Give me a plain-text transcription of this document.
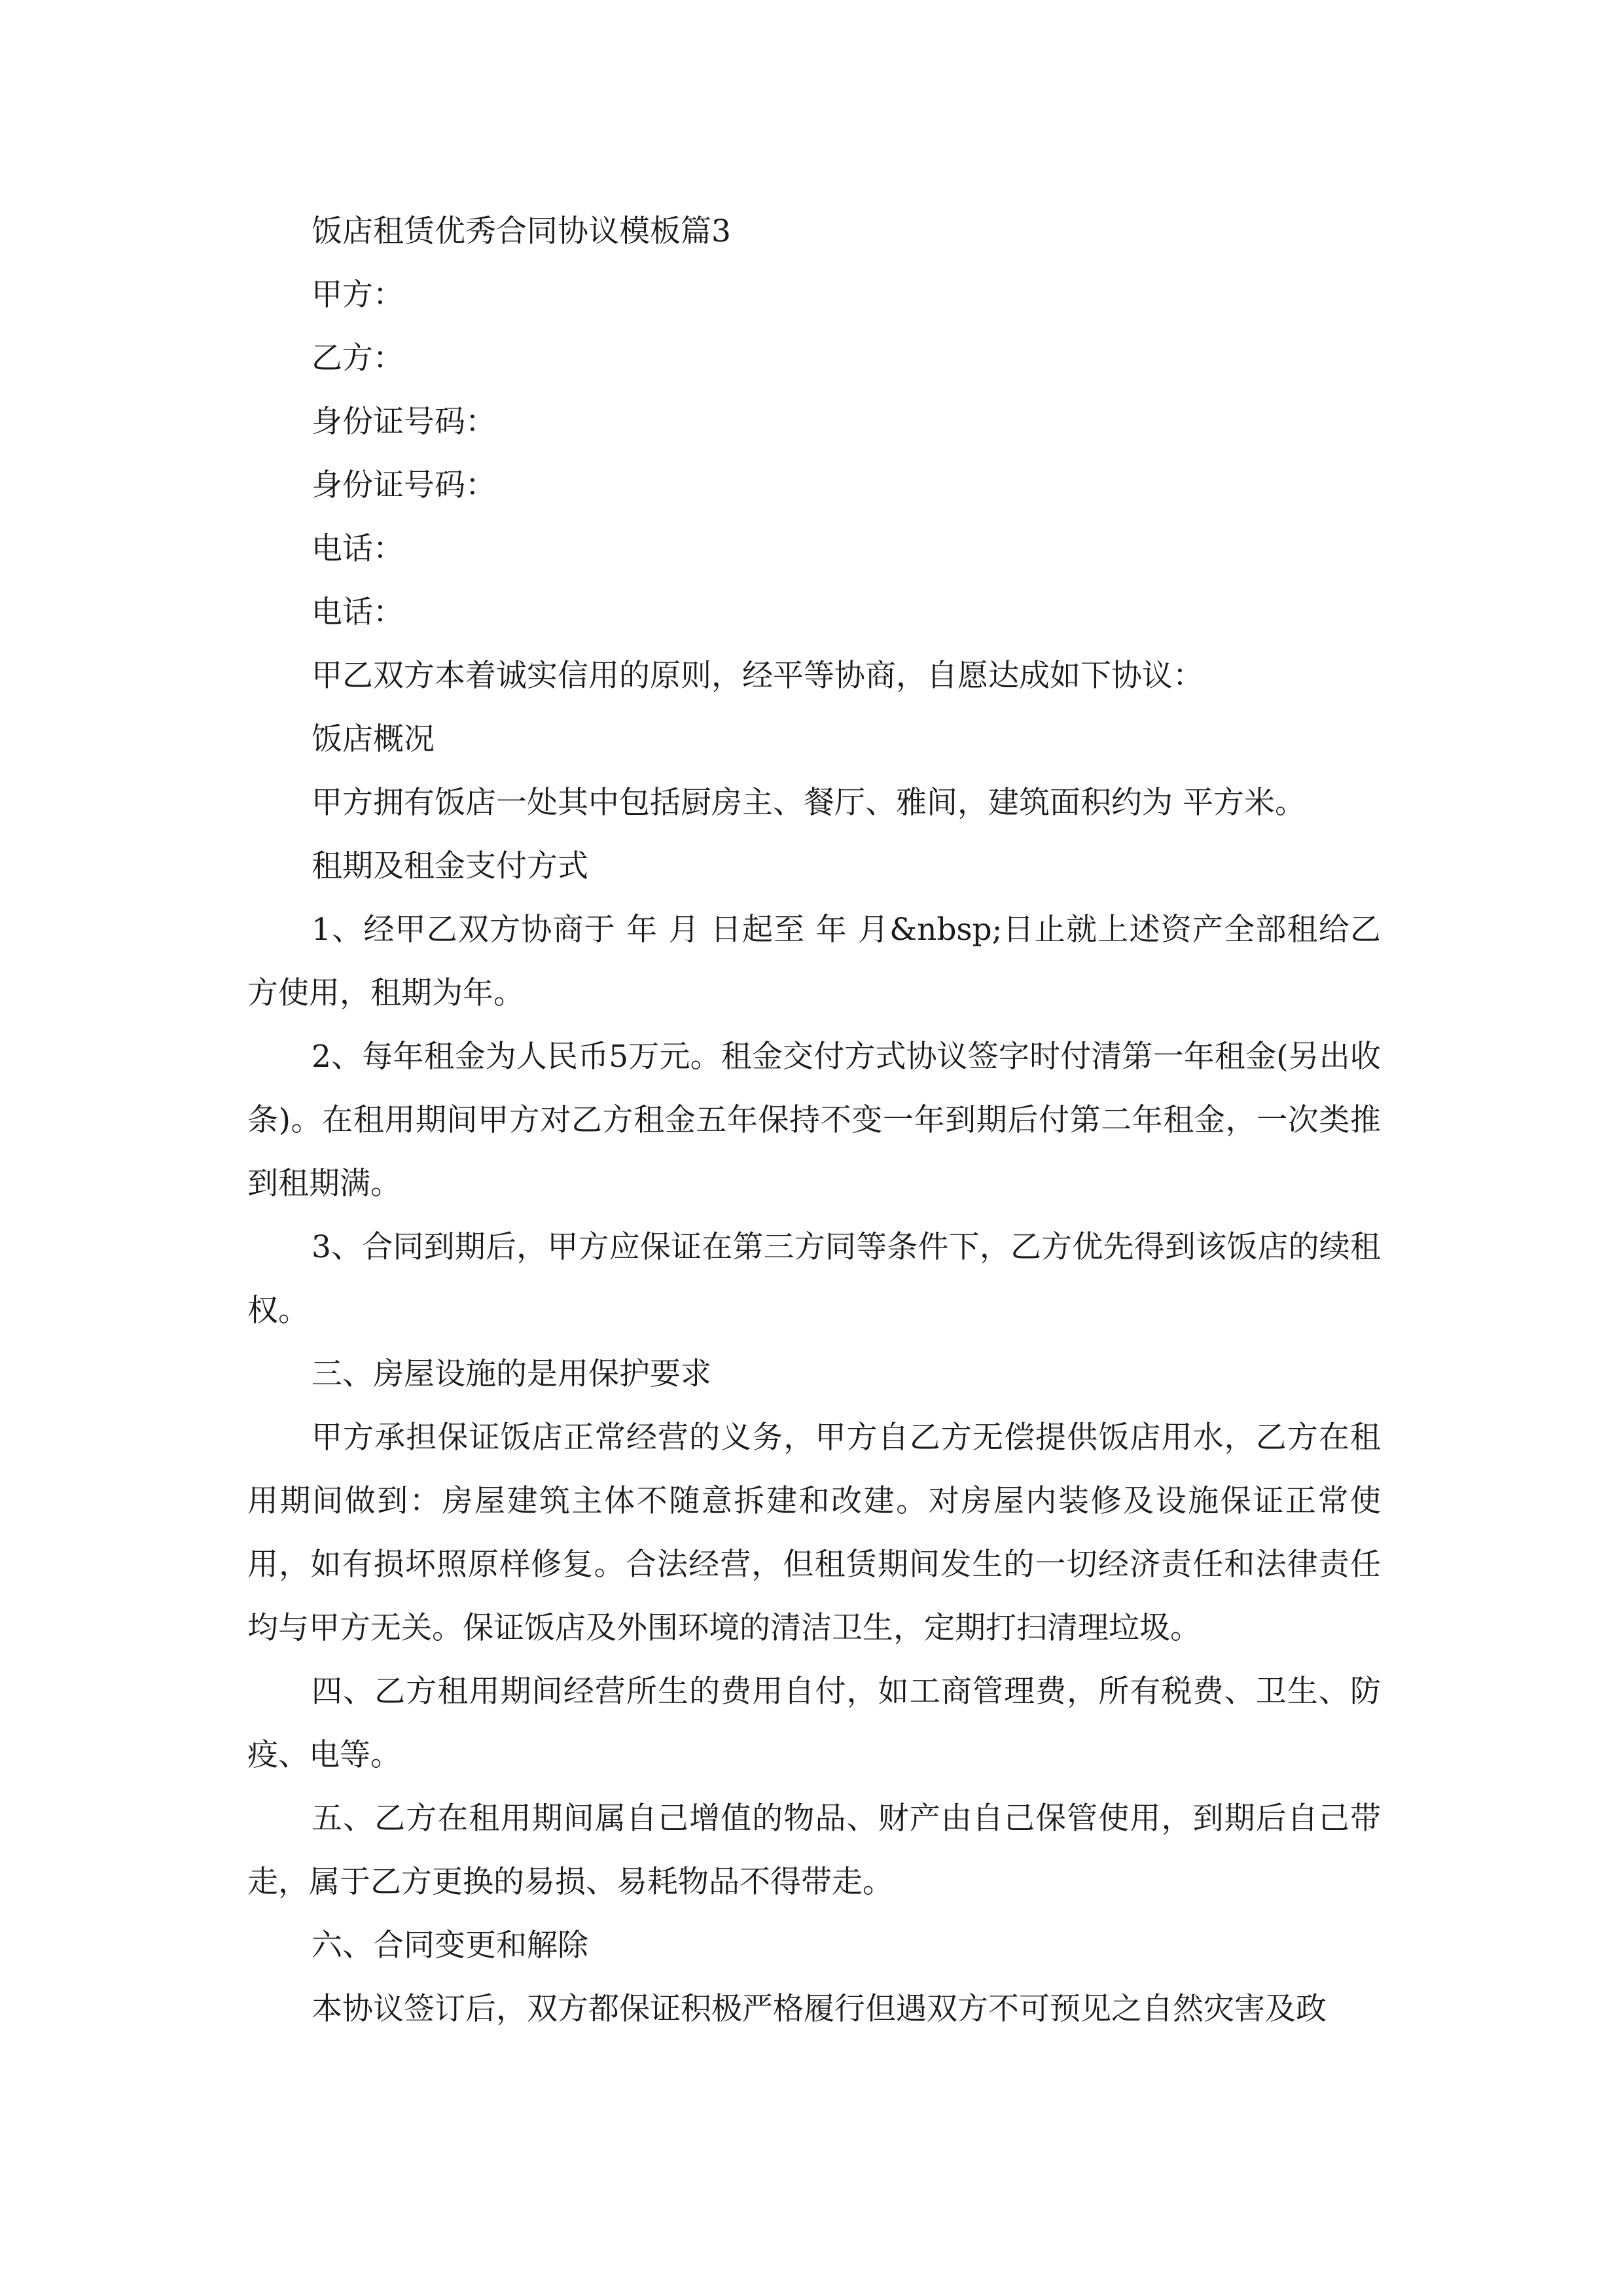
饭店租赁优秀合同协议模板篇3

甲方：

乙方：

身份证号码：

身份证号码：

电话：

电话：

甲乙双方本着诚实信用的原则，经平等协商，自愿达成如下协议：

饭店概况

甲方拥有饭店一处其中包括厨房主、餐厅、雅间，建筑面积约为 平方米。

租期及租金支付方式

1、经甲乙双方协商于 年 月 日起至 年 月&nbsp;日止就上述资产全部租给乙方使用，租期为年。

2、每年租金为人民币5万元。租金交付方式协议签字时付清第一年租金(另出收条)。在租用期间甲方对乙方租金五年保持不变一年到期后付第二年租金，一次类推到租期满。

3、合同到期后，甲方应保证在第三方同等条件下，乙方优先得到该饭店的续租权。

三、房屋设施的是用保护要求

甲方承担保证饭店正常经营的义务，甲方自乙方无偿提供饭店用水，乙方在租用期间做到：房屋建筑主体不随意拆建和改建。对房屋内装修及设施保证正常使用，如有损坏照原样修复。合法经营，但租赁期间发生的一切经济责任和法律责任均与甲方无关。保证饭店及外围环境的清洁卫生，定期打扫清理垃圾。

四、乙方租用期间经营所生的费用自付，如工商管理费，所有税费、卫生、防疫、电等。

五、乙方在租用期间属自己增值的物品、财产由自己保管使用，到期后自己带走，属于乙方更换的易损、易耗物品不得带走。

六、合同变更和解除

本协议签订后，双方都保证积极严格履行但遇双方不可预见之自然灾害及政
